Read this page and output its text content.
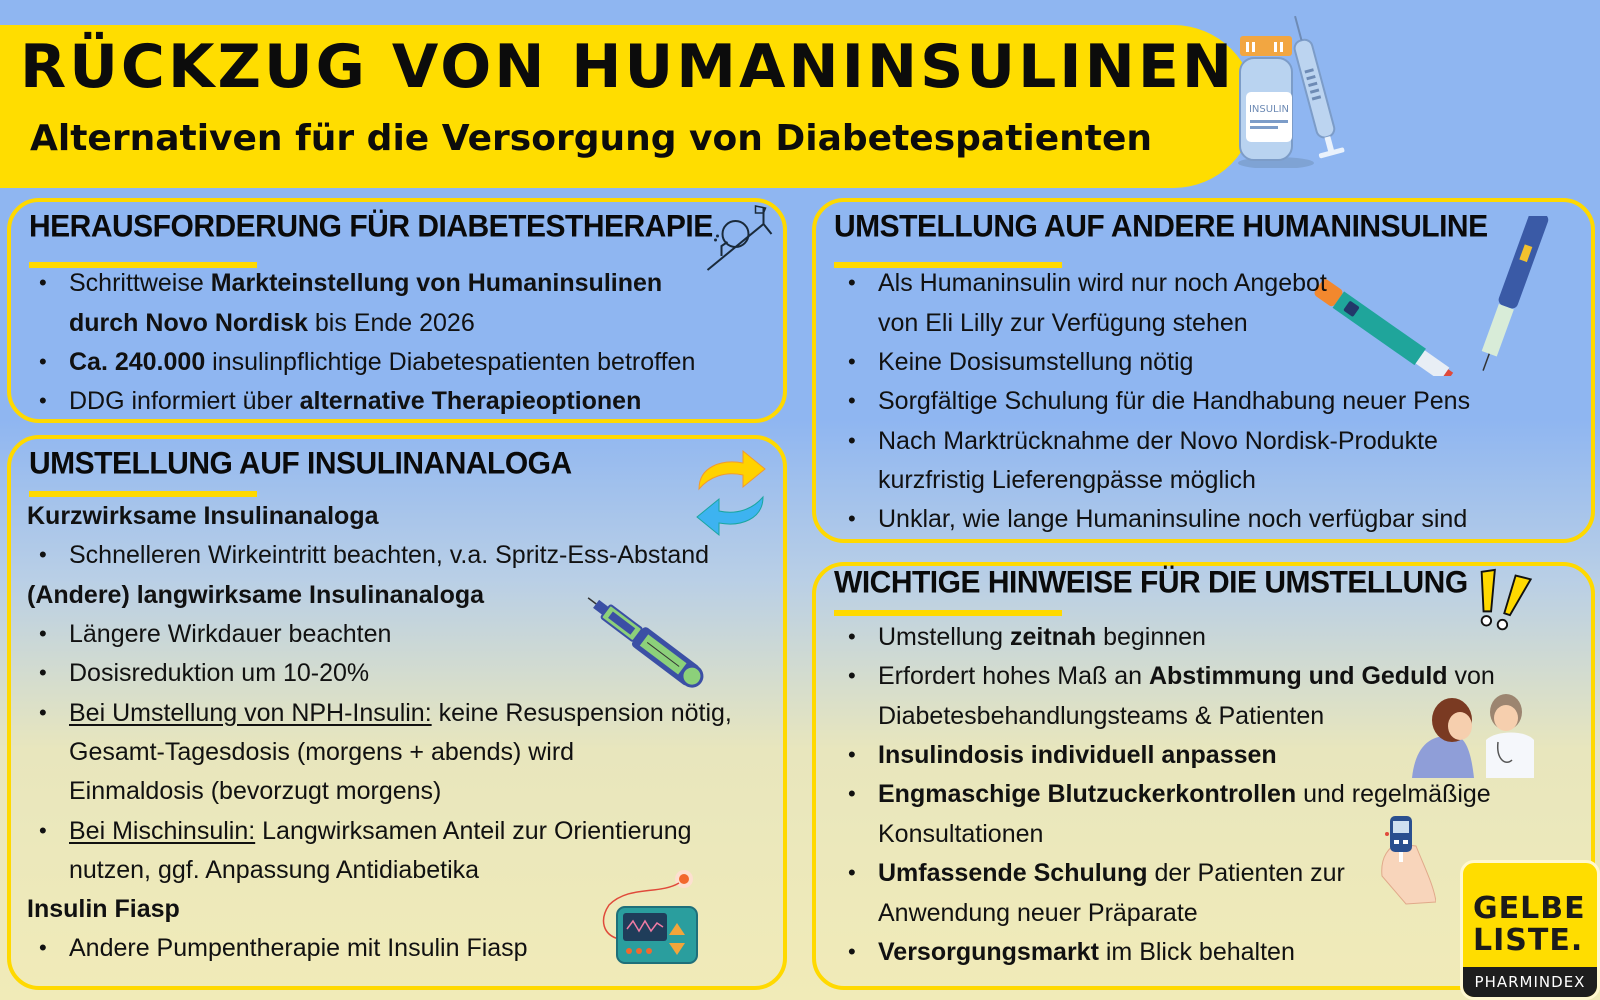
RÜCKZUG VON HUMANINSULINEN
Alternativen für die Versorgung von Diabetespatienten
INSULIN
HERAUSFORDERUNG FÜR DIABETESTHERAPIE
• Schrittweise Markteinstellung von Humaninsulinen
durch Novo Nordisk bis Ende 2026
• Ca. 240.000 insulinpflichtige Diabetespatienten betroffen
• DDG informiert über alternative Therapieoptionen
UMSTELLUNG AUF INSULINANALOGA
Kurzwirksame Insulinanaloga
• Schnelleren Wirkeintritt beachten, v.a. Spritz-Ess-Abstand
(Andere) langwirksame Insulinanaloga
• Längere Wirkdauer beachten
• Dosisreduktion um 10-20%
• Bei Umstellung von NPH-Insulin: keine Resuspension nötig,
Gesamt-Tagesdosis (morgens + abends) wird
Einmaldosis (bevorzugt morgens)
• Bei Mischinsulin: Langwirksamen Anteil zur Orientierung
nutzen, ggf. Anpassung Antidiabetika
Insulin Fiasp
• Andere Pumpentherapie mit Insulin Fiasp
UMSTELLUNG AUF ANDERE HUMANINSULINE
• Als Humaninsulin wird nur noch Angebot
von Eli Lilly zur Verfügung stehen
• Keine Dosisumstellung nötig
• Sorgfältige Schulung für die Handhabung neuer Pens
• Nach Marktrücknahme der Novo Nordisk-Produkte
kurzfristig Lieferengpässe möglich
• Unklar, wie lange Humaninsuline noch verfügbar sind
WICHTIGE HINWEISE FÜR DIE UMSTELLUNG
• Umstellung zeitnah beginnen
• Erfordert hohes Maß an Abstimmung und Geduld von
Diabetesbehandlungsteams & Patienten
• Insulindosis individuell anpassen
• Engmaschige Blutzuckerkontrollen und regelmäßige
Konsultationen
• Umfassende Schulung der Patienten zur
Anwendung neuer Präparate
• Versorgungsmarkt im Blick behalten
GELBE
LISTE.
PHARMINDEX
